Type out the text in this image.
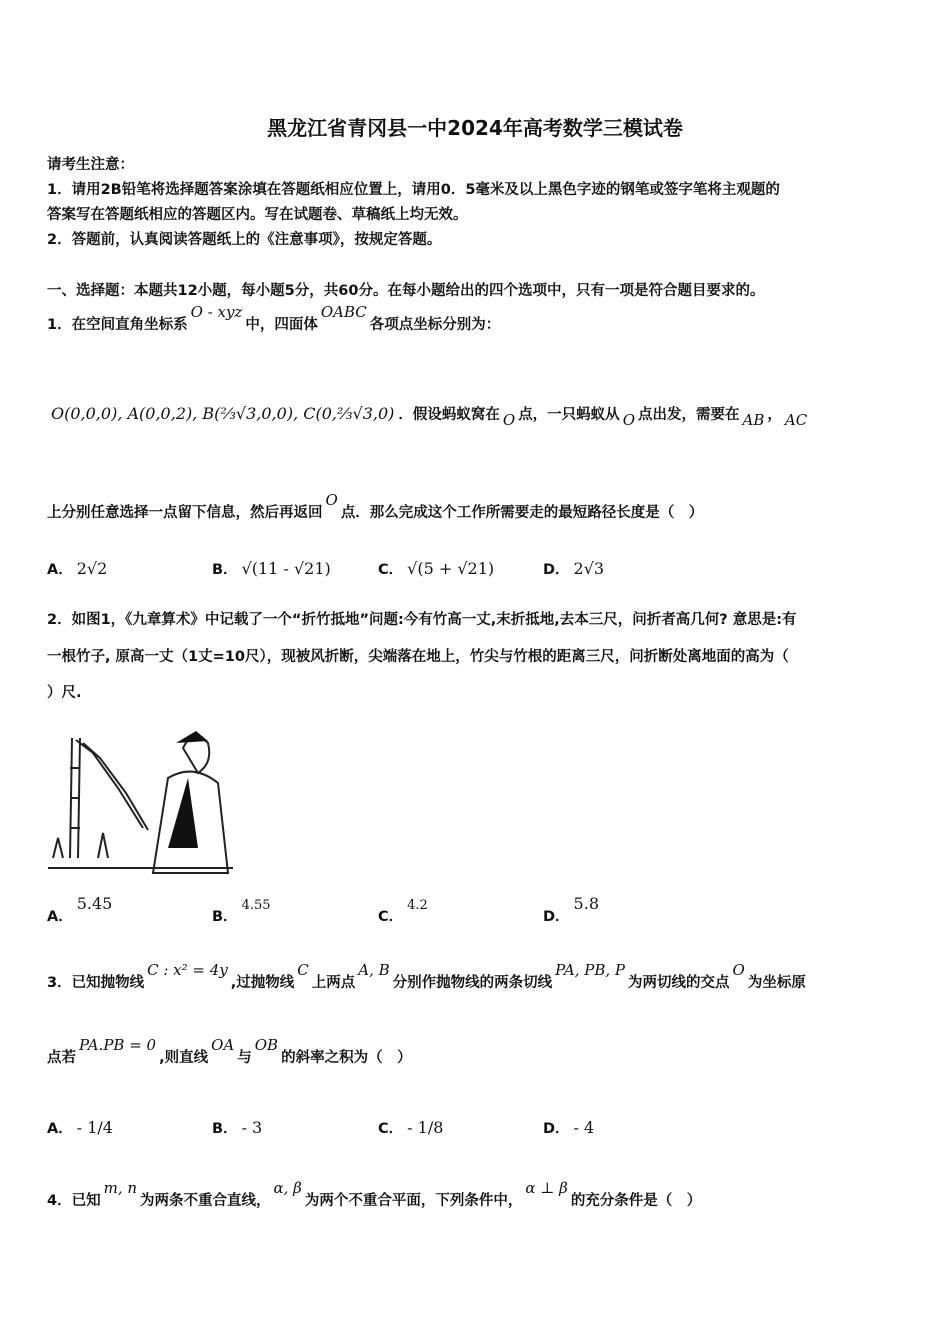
黑龙江省青冈县一中2024年高考数学三模试卷
请考生注意：
1．请用2B铅笔将选择题答案涂填在答题纸相应位置上，请用0．5毫米及以上黑色字迹的钢笔或签字笔将主观题的
答案写在答题纸相应的答题区内。写在试题卷、草稿纸上均无效。
2．答题前，认真阅读答题纸上的《注意事项》，按规定答题。
一、选择题：本题共12小题，每小题5分，共60分。在每小题给出的四个选项中，只有一项是符合题目要求的。
1．在空间直角坐标系O - xyz中，四面体OABC各项点坐标分别为：
O(0,0,0), A(0,0,2), B(⅔√3,0,0), C(0,⅔√3,0) ．假设蚂蚁窝在 O 点，一只蚂蚁从 O 点出发，需要在 AB ， AC
上分别任意选择一点留下信息，然后再返回O点．那么完成这个工作所需要走的最短路径长度是（　）
A． 2√2	B． √(11 - √21)	C． √(5 + √21)	D． 2√3
2．如图1，《九章算术》中记载了一个“折竹抵地”问题:今有竹高一丈,末折抵地,去本三尺，问折者高几何? 意思是:有
一根竹子, 原高一丈（1丈=10尺），现被风折断，尖端落在地上，竹尖与竹根的距离三尺，问折断处离地面的高为（
）尺.
A．5.45
B．4.55
C．4.2
D．5.8
3．已知抛物线C : x² = 4y,过抛物线C上两点A, B分别作抛物线的两条切线PA, PB, P为两切线的交点O为坐标原
点若PA.PB = 0,则直线OA与OB的斜率之积为（　）
A． - 1/4	B． - 3	C． - 1/8	D． - 4
4．已知m, n为两条不重合直线，α, β为两个不重合平面，下列条件中，α ⊥ β的充分条件是（　）
